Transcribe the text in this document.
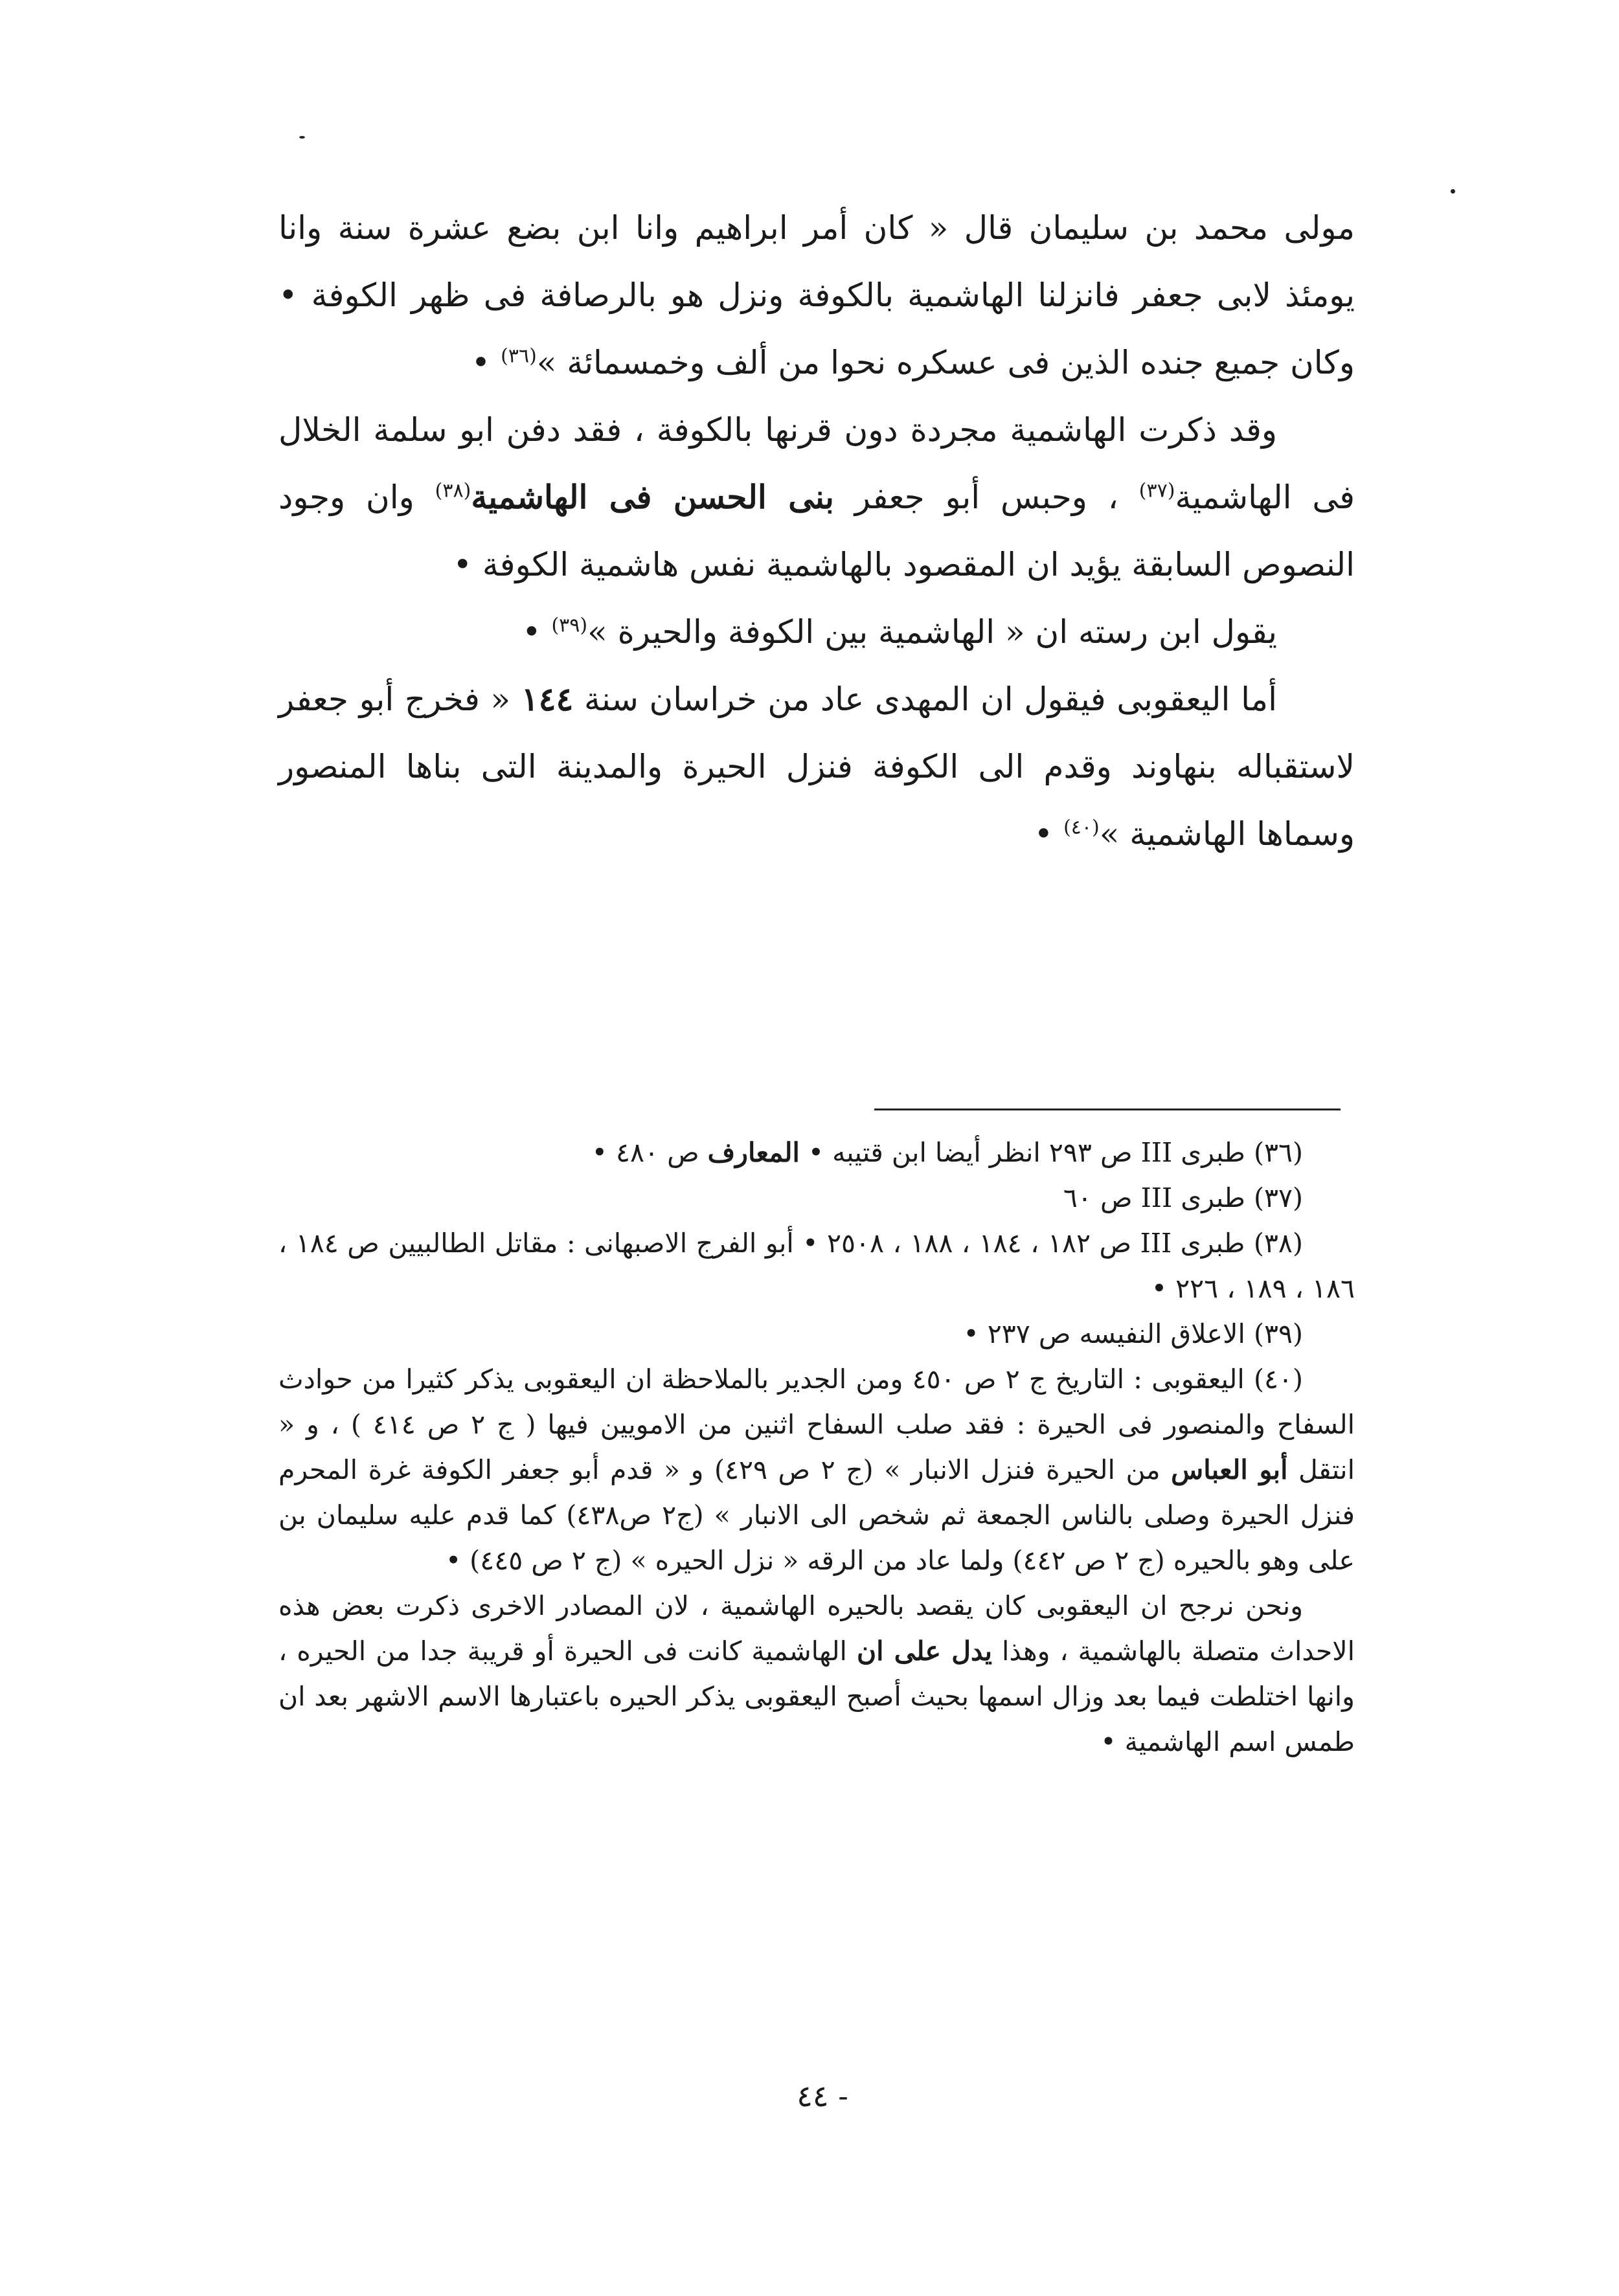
مولى محمد بن سليمان قال « كان أمر ابراهيم وانا ابن بضع عشرة سنة وانا يومئذ لابى جعفر فانزلنا الهاشمية بالكوفة ونزل هو بالرصافة فى ظهر الكوفة • وكان جميع جنده الذين فى عسكره نحوا من ألف وخمسمائة »$^{(٣٦)}$ •

وقد ذكرت الهاشمية مجردة دون قرنها بالكوفة ، فقد دفن ابو سلمة الخلال فى الهاشمية$^{(٣٧)}$ ، وحبس أبو جعفر بنى الحسن فى الهاشمية$^{(٣٨)}$ وان وجود النصوص السابقة يؤيد ان المقصود بالهاشمية نفس هاشمية الكوفة •

يقول ابن رسته ان « الهاشمية بين الكوفة والحيرة »$^{(٣٩)}$ •

أما اليعقوبى فيقول ان المهدى عاد من خراسان سنة ١٤٤ « فخرج أبو جعفر لاستقباله بنهاوند وقدم الى الكوفة فنزل الحيرة والمدينة التى بناها المنصور وسماها الهاشمية »$^{(٤٠)}$ •

(٣٦) طبرى III ص ٢٩٣ انظر أيضا ابن قتيبه • المعارف ص ٤٨٠ •

(٣٧) طبرى III ص ٦٠

(٣٨) طبرى III ص ١٨٢ ، ١٨٤ ، ١٨٨ ، ٢٥٠٨ • أبو الفرج الاصبهانى : مقاتل الطالبيين ص ١٨٤ ، ١٨٦ ، ١٨٩ ، ٢٢٦ •

(٣٩) الاعلاق النفيسه ص ٢٣٧ •

(٤٠) اليعقوبى : التاريخ ج ٢ ص ٤٥٠ ومن الجدير بالملاحظة ان اليعقوبى يذكر كثيرا من حوادث السفاح والمنصور فى الحيرة : فقد صلب السفاح اثنين من الامويين فيها ( ج ٢ ص ٤١٤ ) ، و « انتقل أبو العباس من الحيرة فنزل الانبار » (ج ٢ ص ٤٢٩) و « قدم أبو جعفر الكوفة غرة المحرم فنزل الحيرة وصلى بالناس الجمعة ثم شخص الى الانبار » (ج٢ ص٤٣٨) كما قدم عليه سليمان بن على وهو بالحيره (ج ٢ ص ٤٤٢) ولما عاد من الرقه « نزل الحيره » (ج ٢ ص ٤٤٥) •

ونحن نرجح ان اليعقوبى كان يقصد بالحيره الهاشمية ، لان المصادر الاخرى ذكرت بعض هذه الاحداث متصلة بالهاشمية ، وهذا يدل على ان الهاشمية كانت فى الحيرة أو قريبة جدا من الحيره ، وانها اختلطت فيما بعد وزال اسمها بحيث أصبح اليعقوبى يذكر الحيره باعتبارها الاسم الاشهر بعد ان طمس اسم الهاشمية •

- ٤٤
